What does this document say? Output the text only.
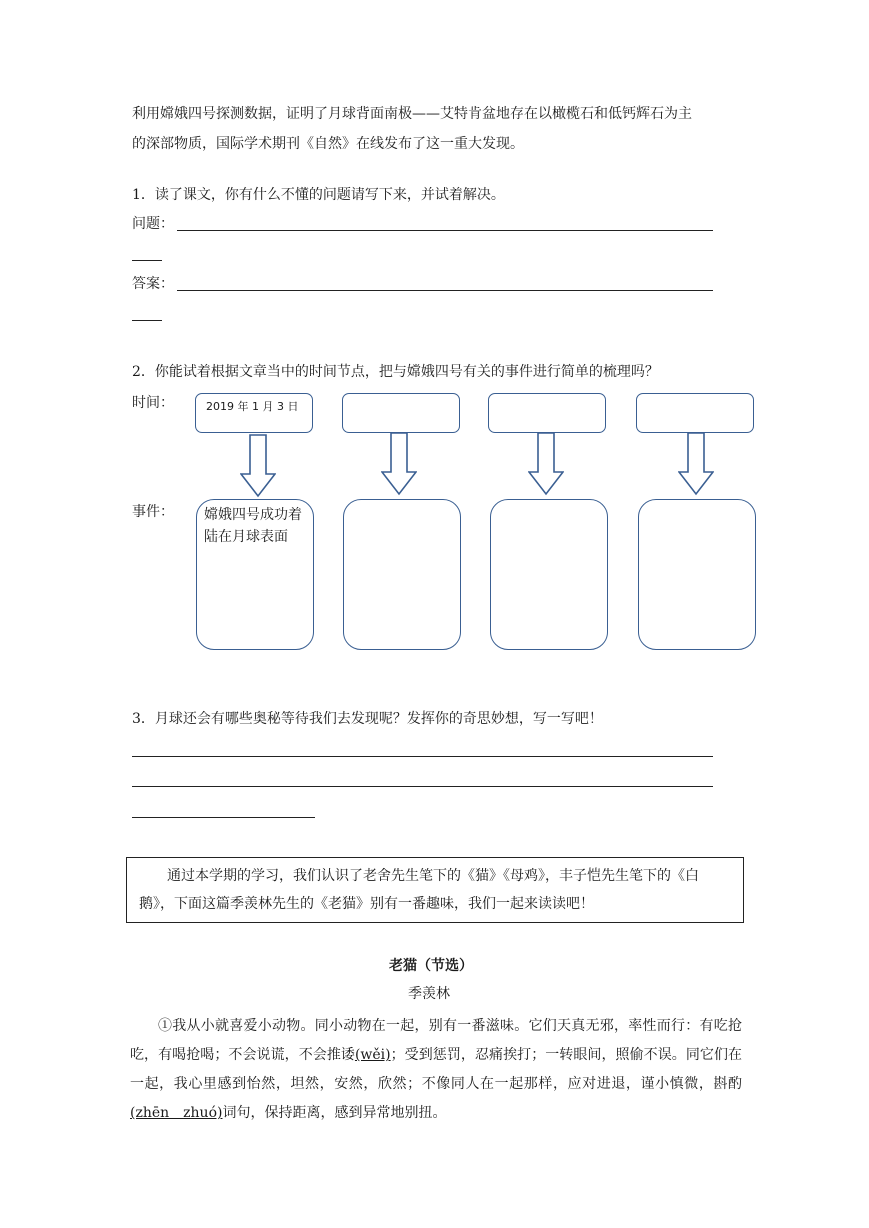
利用嫦娥四号探测数据，证明了月球背面南极——艾特肯盆地存在以橄榄石和低钙辉石为主
的深部物质，国际学术期刊《自然》在线发布了这一重大发现。
1．读了课文，你有什么不懂的问题请写下来，并试着解决。
问题：
答案：
2．你能试着根据文章当中的时间节点，把与嫦娥四号有关的事件进行简单的梳理吗？
时间：
事件：
2019 年 1 月 3 日
嫦娥四号成功着陆在月球表面
3．月球还会有哪些奥秘等待我们去发现呢？发挥你的奇思妙想，写一写吧！
通过本学期的学习，我们认识了老舍先生笔下的《猫》《母鸡》，丰子恺先生笔下的《白鹅》，下面这篇季羡林先生的《老猫》别有一番趣味，我们一起来读读吧！
老猫（节选）
季羡林
①我从小就喜爱小动物。同小动物在一起，别有一番滋味。它们天真无邪，率性而行：有吃抢吃，有喝抢喝；不会说谎，不会推诿(wěi)；受到惩罚，忍痛挨打；一转眼间，照偷不误。同它们在一起，我心里感到怡然，坦然，安然，欣然；不像同人在一起那样，应对进退，谨小慎微，斟酌(zhēn　zhuó)词句，保持距离，感到异常地别扭。
